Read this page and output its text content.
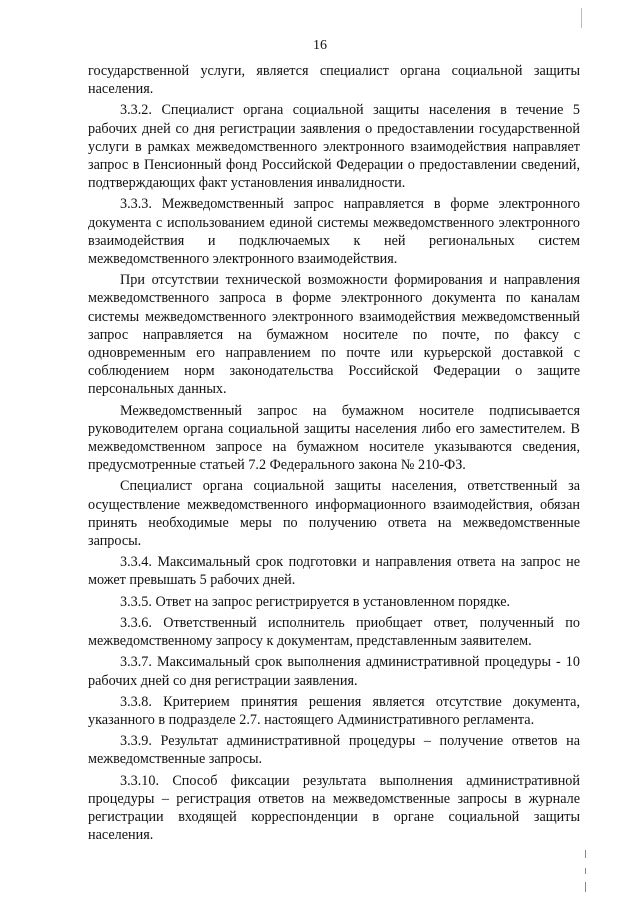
16

государственной услуги, является специалист органа социальной защиты населения.

3.3.2. Специалист органа социальной защиты населения в течение 5 рабочих дней со дня регистрации заявления о предоставлении государственной услуги в рамках межведомственного электронного взаимодействия направляет запрос в Пенсионный фонд Российской Федерации о предоставлении сведений, подтверждающих факт установления инвалидности.

3.3.3. Межведомственный запрос направляется в форме электронного документа с использованием единой системы межведомственного электронного взаимодействия и подключаемых к ней региональных систем межведомственного электронного взаимодействия.

При отсутствии технической возможности формирования и направления межведомственного запроса в форме электронного документа по каналам системы межведомственного электронного взаимодействия межведомственный запрос направляется на бумажном носителе по почте, по факсу с одновременным его направлением по почте или курьерской доставкой с соблюдением норм законодательства Российской Федерации о защите персональных данных.

Межведомственный запрос на бумажном носителе подписывается руководителем органа социальной защиты населения либо его заместителем. В межведомственном запросе на бумажном носителе указываются сведения, предусмотренные статьей 7.2 Федерального закона № 210-ФЗ.

Специалист органа социальной защиты населения, ответственный за осуществление межведомственного информационного взаимодействия, обязан принять необходимые меры по получению ответа на межведомственные запросы.

3.3.4. Максимальный срок подготовки и направления ответа на запрос не может превышать 5 рабочих дней.

3.3.5. Ответ на запрос регистрируется в установленном порядке.

3.3.6. Ответственный исполнитель приобщает ответ, полученный по межведомственному запросу к документам, представленным заявителем.

3.3.7. Максимальный срок выполнения административной процедуры - 10 рабочих дней со дня регистрации заявления.

3.3.8. Критерием принятия решения является отсутствие документа, указанного в подразделе 2.7. настоящего Административного регламента.

3.3.9. Результат административной процедуры – получение ответов на межведомственные запросы.

3.3.10. Способ фиксации результата выполнения административной процедуры – регистрация ответов на межведомственные запросы в журнале регистрации входящей корреспонденции в органе социальной защиты населения.
